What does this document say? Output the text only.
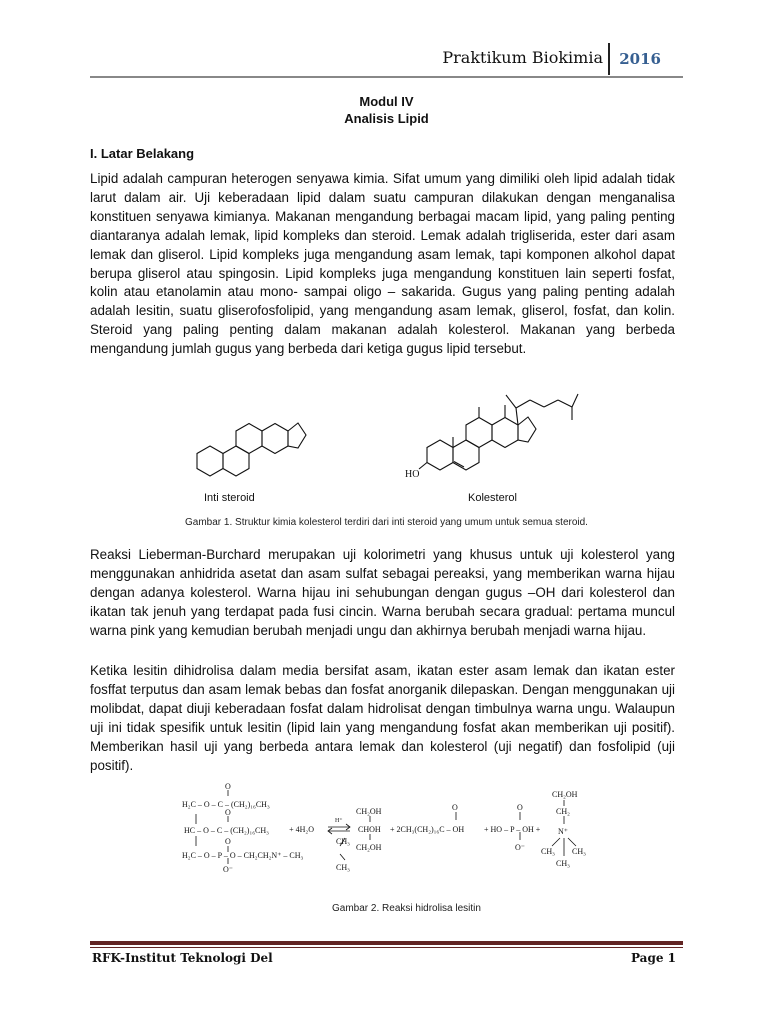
Praktikum Biokimia 2016
Modul IV
Analisis Lipid
I. Latar Belakang

Lipid adalah campuran heterogen senyawa kimia. Sifat umum yang dimiliki oleh lipid adalah tidak larut dalam air. Uji keberadaan lipid dalam suatu campuran dilakukan dengan menganalisa konstituen senyawa kimianya. Makanan mengandung berbagai macam lipid, yang paling penting diantaranya adalah lemak, lipid kompleks dan steroid. Lemak adalah trigliserida, ester dari asam lemak dan gliserol. Lipid kompleks juga mengandung asam lemak, tapi komponen alkohol dapat berupa gliserol atau spingosin. Lipid kompleks juga mengandung konstituen lain seperti fosfat, kolin atau etanolamin atau mono- sampai oligo – sakarida. Gugus yang paling penting adalah adalah lesitin, suatu gliserofosfolipid, yang mengandung asam lemak, gliserol, fosfat, dan kolin. Steroid yang paling penting dalam makanan adalah kolesterol. Makanan yang berbeda mengandung jumlah gugus yang berbeda dari ketiga gugus lipid tersebut.

HO
Inti steroid	Kolesterol
Gambar 1. Struktur kimia kolesterol terdiri dari inti steroid yang umum untuk semua steroid.

Reaksi Lieberman-Burchard merupakan uji kolorimetri yang khusus untuk uji kolesterol yang menggunakan anhidrida asetat dan asam sulfat sebagai pereaksi, yang memberikan warna hijau dengan adanya kolesterol. Warna hijau ini sehubungan dengan gugus –OH dari kolesterol dan ikatan tak jenuh yang terdapat pada fusi cincin. Warna berubah secara gradual: pertama muncul warna pink yang kemudian berubah menjadi ungu dan akhirnya berubah menjadi warna hijau.

Ketika lesitin dihidrolisa dalam media bersifat asam, ikatan ester asam lemak dan ikatan ester fosffat terputus dan asam lemak bebas dan fosfat anorganik dilepaskan. Dengan menggunakan uji molibdat, dapat diuji keberadaan fosfat dalam hidrolisat dengan timbulnya warna ungu. Walaupun uji ini tidak spesifik untuk lesitin (lipid lain yang mengandung fosfat akan memberikan uji positif). Memberikan hasil uji yang berbeda antara lemak dan kolesterol (uji negatif) dan fosfolipid (uji positif).

O
H₂C – O – C – (CH₂)₁₆CH₃
O
HC – O – C – (CH₂)₁₆CH₃
O
H₂C – O – P – O – CH₂CH₂N⁺ – CH₃
O⁻
CH₃
CH₃
+ 4H₂O
H⁺
CH₂OH
CHOH
CH₂OH
O
+ 2CH₃(CH₂)₁₆C – OH
O
+ HO – P – OH +
O⁻
CH₂OH
CH₂
N⁺
CH₃ CH₃
CH₃
Gambar 2. Reaksi hidrolisa lesitin
RFK-Institut Teknologi Del	Page 1
